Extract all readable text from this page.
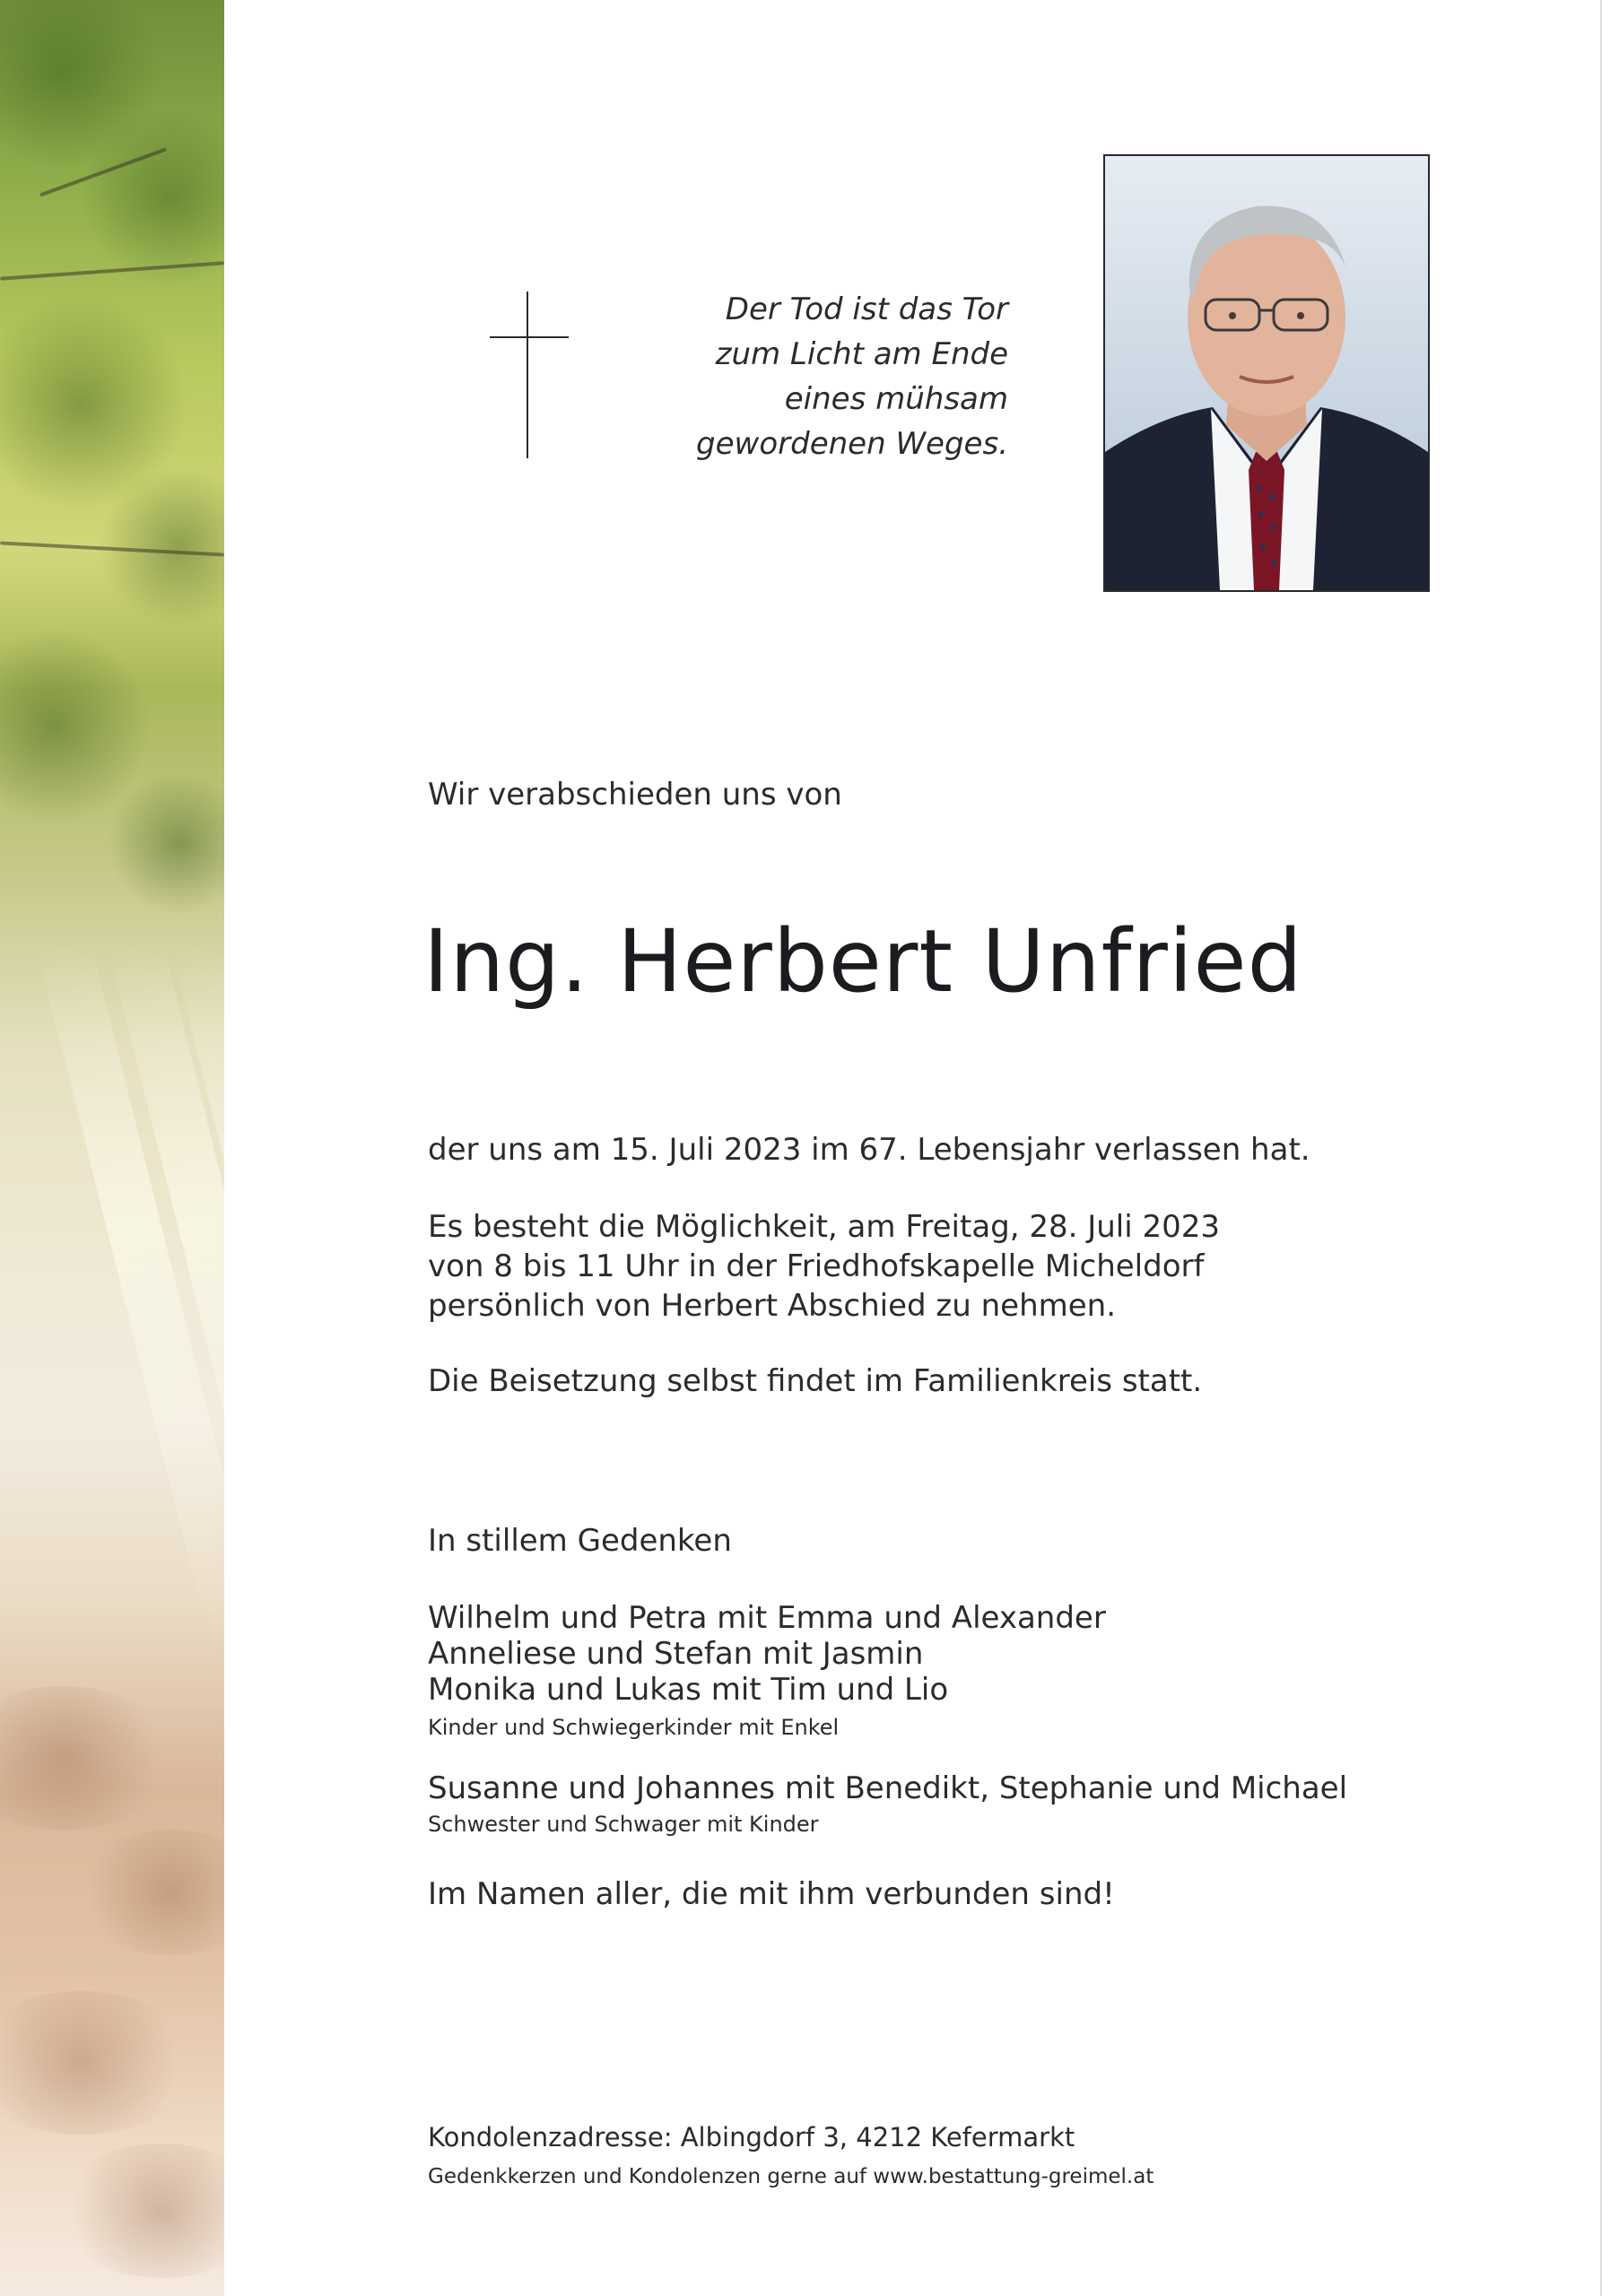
Der Tod ist das Tor
zum Licht am Ende
eines mühsam
gewordenen Weges.
Wir verabschieden uns von
Ing. Herbert Unfried
der uns am 15. Juli 2023 im 67. Lebensjahr verlassen hat.
Es besteht die Möglichkeit, am Freitag, 28. Juli 2023
von 8 bis 11 Uhr in der Friedhofskapelle Micheldorf
persönlich von Herbert Abschied zu nehmen.
Die Beisetzung selbst findet im Familienkreis statt.
In stillem Gedenken
Wilhelm und Petra mit Emma und Alexander
Anneliese und Stefan mit Jasmin
Monika und Lukas mit Tim und Lio
Kinder und Schwiegerkinder mit Enkel
Susanne und Johannes mit Benedikt, Stephanie und Michael
Schwester und Schwager mit Kinder
Im Namen aller, die mit ihm verbunden sind!
Kondolenzadresse: Albingdorf 3, 4212 Kefermarkt
Gedenkkerzen und Kondolenzen gerne auf www.bestattung-greimel.at
